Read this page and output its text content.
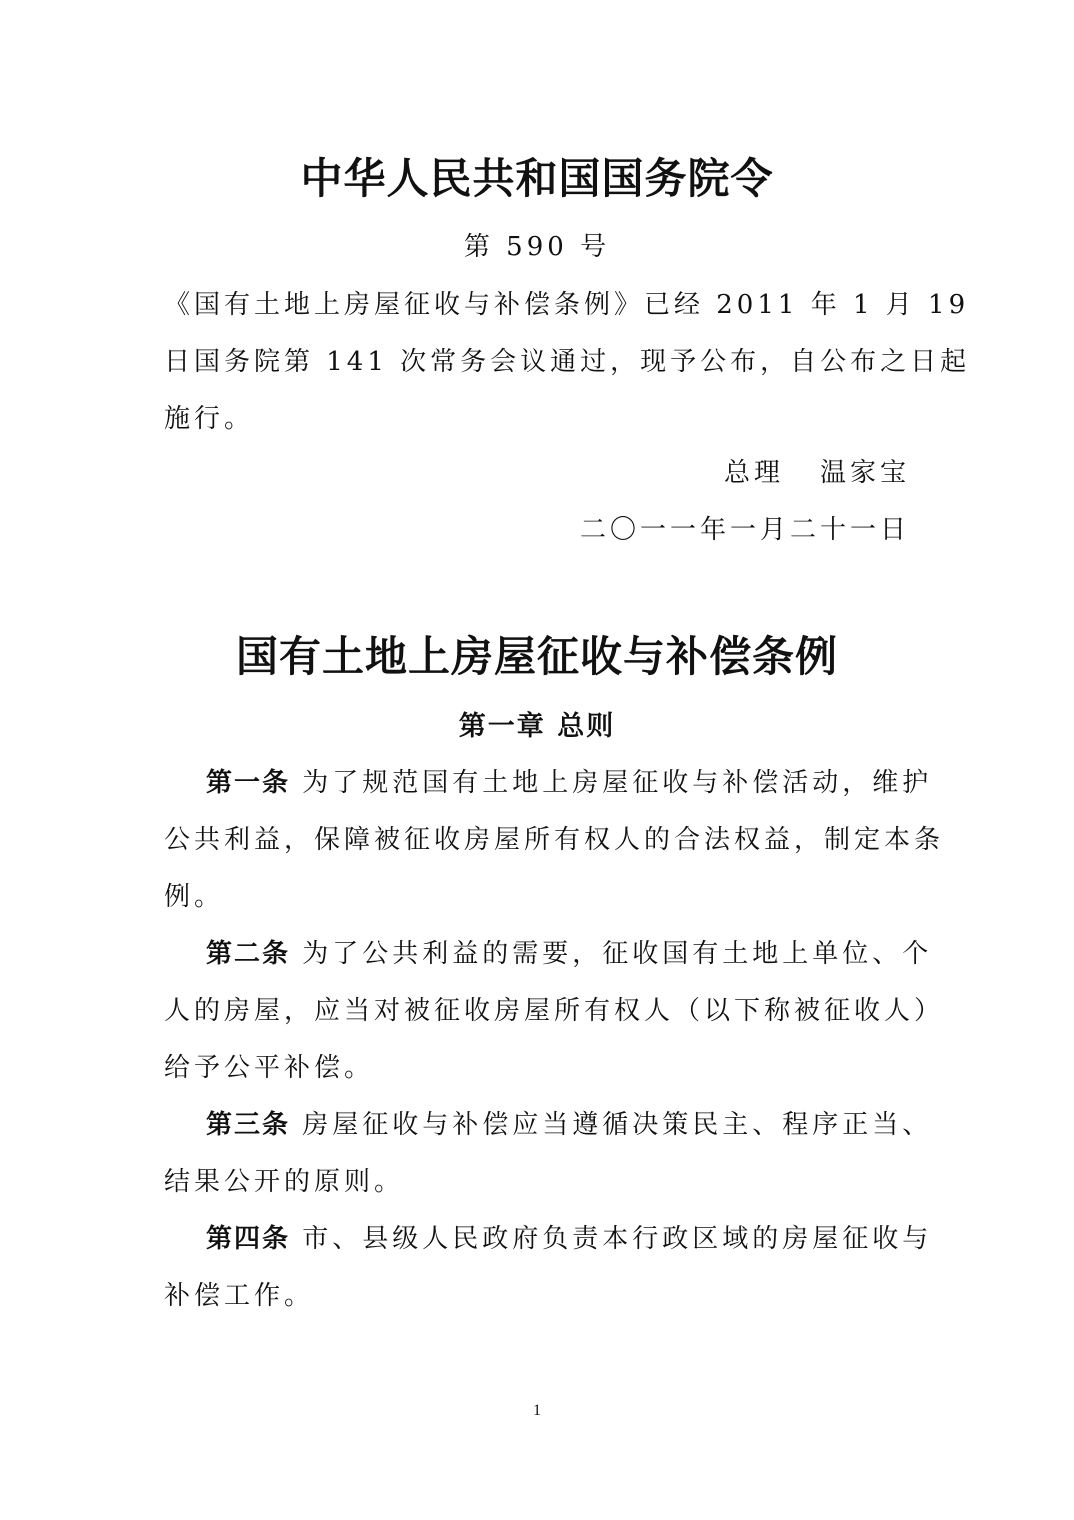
中华人民共和国国务院令
第 590 号
《国有土地上房屋征收与补偿条例》已经 2011 年 1 月 19
日国务院第 141 次常务会议通过，现予公布，自公布之日起
施行。
总理 温家宝
二〇一一年一月二十一日
国有土地上房屋征收与补偿条例
第一章 总则
第一条 为了规范国有土地上房屋征收与补偿活动，维护
公共利益，保障被征收房屋所有权人的合法权益，制定本条
例。
第二条 为了公共利益的需要，征收国有土地上单位、个
人的房屋，应当对被征收房屋所有权人（以下称被征收人）
给予公平补偿。
第三条 房屋征收与补偿应当遵循决策民主、程序正当、
结果公开的原则。
第四条 市、县级人民政府负责本行政区域的房屋征收与
补偿工作。
1
